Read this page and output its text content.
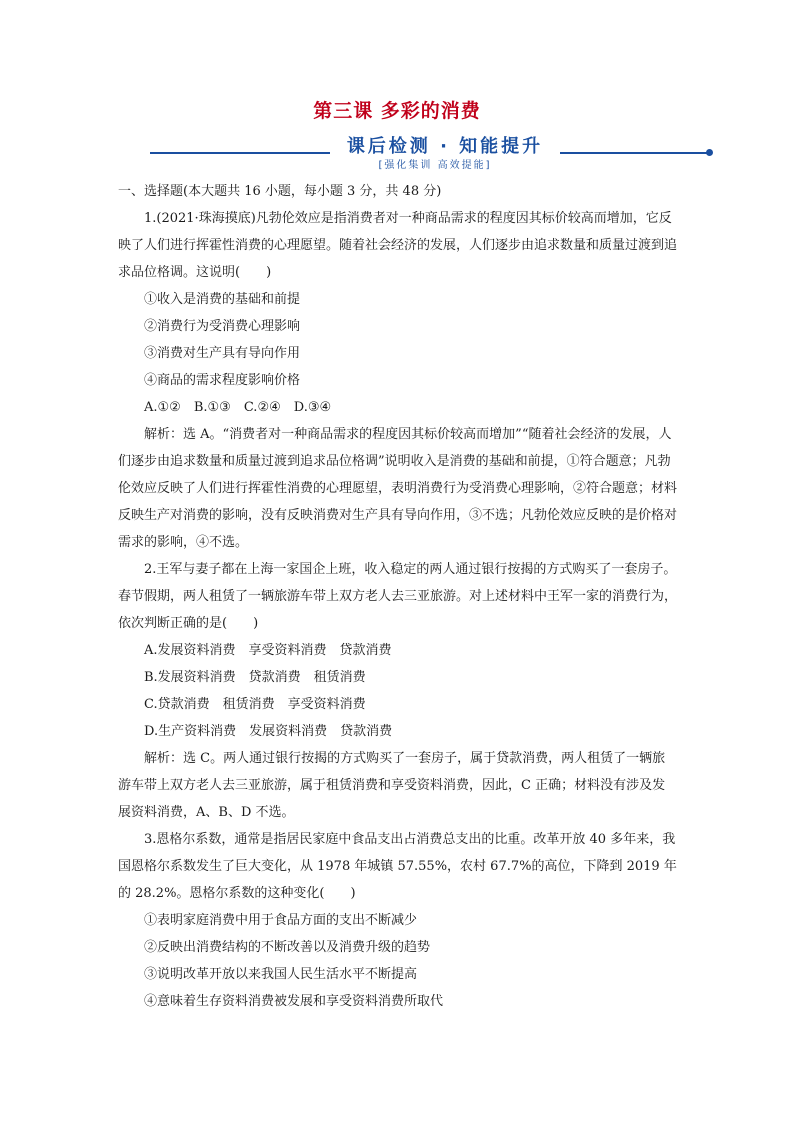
第三课 多彩的消费
课后检测 · 知能提升
[强化集训 高效提能]

一、选择题(本大题共 16 小题，每小题 3 分，共 48 分)

1.(2021·珠海摸底)凡勃伦效应是指消费者对一种商品需求的程度因其标价较高而增加，它反映了人们进行挥霍性消费的心理愿望。随着社会经济的发展，人们逐步由追求数量和质量过渡到追求品位格调。这说明(　　)

①收入是消费的基础和前提

②消费行为受消费心理影响

③消费对生产具有导向作用

④商品的需求程度影响价格

A.①②　B.①③　C.②④　D.③④

解析：选 A。“消费者对一种商品需求的程度因其标价较高而增加”“随着社会经济的发展，人们逐步由追求数量和质量过渡到追求品位格调”说明收入是消费的基础和前提，①符合题意；凡勃伦效应反映了人们进行挥霍性消费的心理愿望，表明消费行为受消费心理影响，②符合题意；材料反映生产对消费的影响，没有反映消费对生产具有导向作用，③不选；凡勃伦效应反映的是价格对需求的影响，④不选。

2.王军与妻子都在上海一家国企上班，收入稳定的两人通过银行按揭的方式购买了一套房子。春节假期，两人租赁了一辆旅游车带上双方老人去三亚旅游。对上述材料中王军一家的消费行为，依次判断正确的是(　　)

A.发展资料消费　享受资料消费　贷款消费

B.发展资料消费　贷款消费　租赁消费

C.贷款消费　租赁消费　享受资料消费

D.生产资料消费　发展资料消费　贷款消费

解析：选 C。两人通过银行按揭的方式购买了一套房子，属于贷款消费，两人租赁了一辆旅游车带上双方老人去三亚旅游，属于租赁消费和享受资料消费，因此，C 正确；材料没有涉及发展资料消费，A、B、D 不选。

3.恩格尔系数，通常是指居民家庭中食品支出占消费总支出的比重。改革开放 40 多年来，我国恩格尔系数发生了巨大变化，从 1978 年城镇 57.55%，农村 67.7%的高位，下降到 2019 年的 28.2%。恩格尔系数的这种变化(　　)

①表明家庭消费中用于食品方面的支出不断减少

②反映出消费结构的不断改善以及消费升级的趋势

③说明改革开放以来我国人民生活水平不断提高

④意味着生存资料消费被发展和享受资料消费所取代
